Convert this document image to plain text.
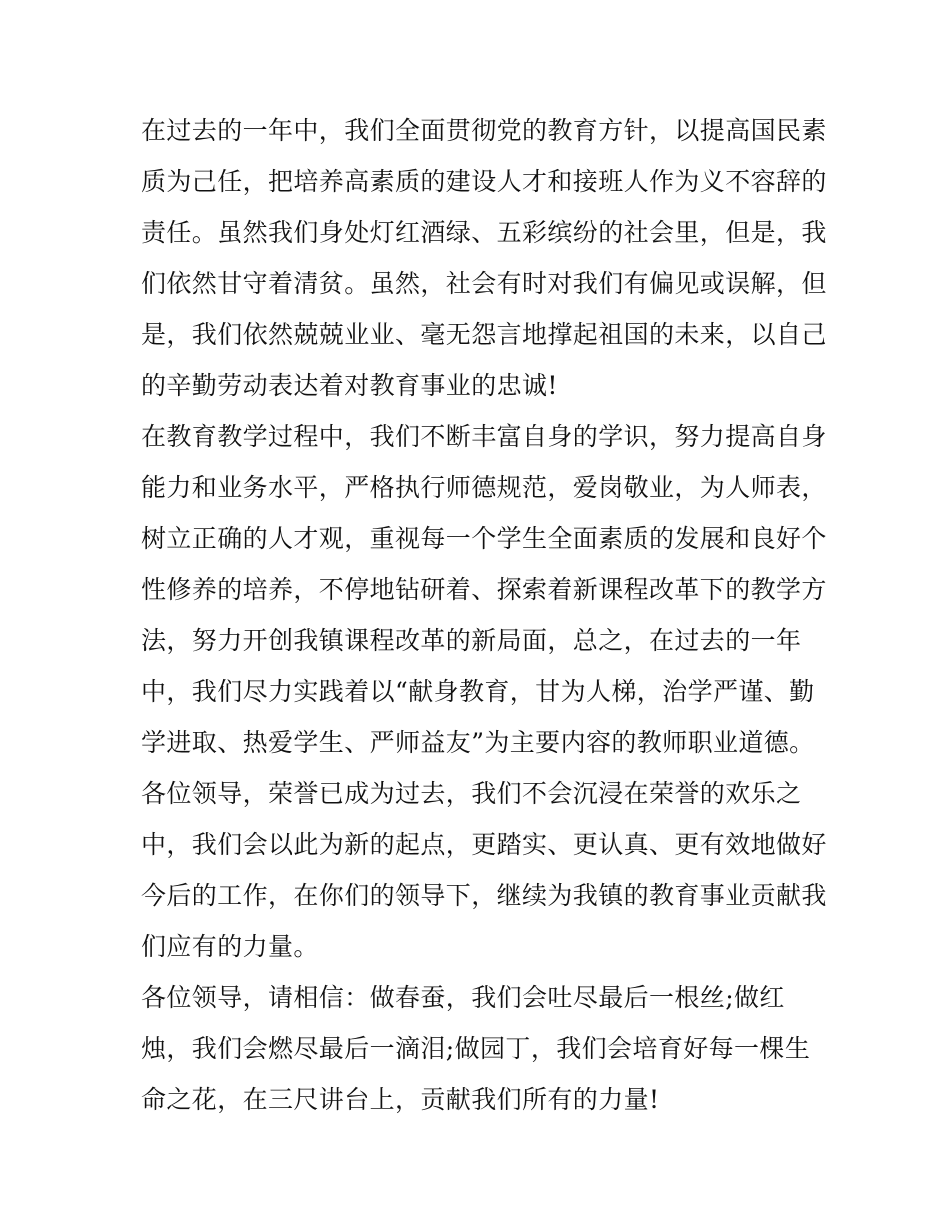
在过去的一年中，我们全面贯彻党的教育方针，以提高国民素
质为己任，把培养高素质的建设人才和接班人作为义不容辞的
责任。虽然我们身处灯红酒绿、五彩缤纷的社会里，但是，我
们依然甘守着清贫。虽然，社会有时对我们有偏见或误解，但
是，我们依然兢兢业业、毫无怨言地撑起祖国的未来，以自己
的辛勤劳动表达着对教育事业的忠诚!
在教育教学过程中，我们不断丰富自身的学识，努力提高自身
能力和业务水平，严格执行师德规范，爱岗敬业，为人师表，
树立正确的人才观，重视每一个学生全面素质的发展和良好个
性修养的培养，不停地钻研着、探索着新课程改革下的教学方
法，努力开创我镇课程改革的新局面，总之，在过去的一年
中，我们尽力实践着以“献身教育，甘为人梯，治学严谨、勤
学进取、热爱学生、严师益友”为主要内容的教师职业道德。
各位领导，荣誉已成为过去，我们不会沉浸在荣誉的欢乐之
中，我们会以此为新的起点，更踏实、更认真、更有效地做好
今后的工作，在你们的领导下，继续为我镇的教育事业贡献我
们应有的力量。
各位领导，请相信：做春蚕，我们会吐尽最后一根丝;做红
烛，我们会燃尽最后一滴泪;做园丁，我们会培育好每一棵生
命之花，在三尺讲台上，贡献我们所有的力量!
